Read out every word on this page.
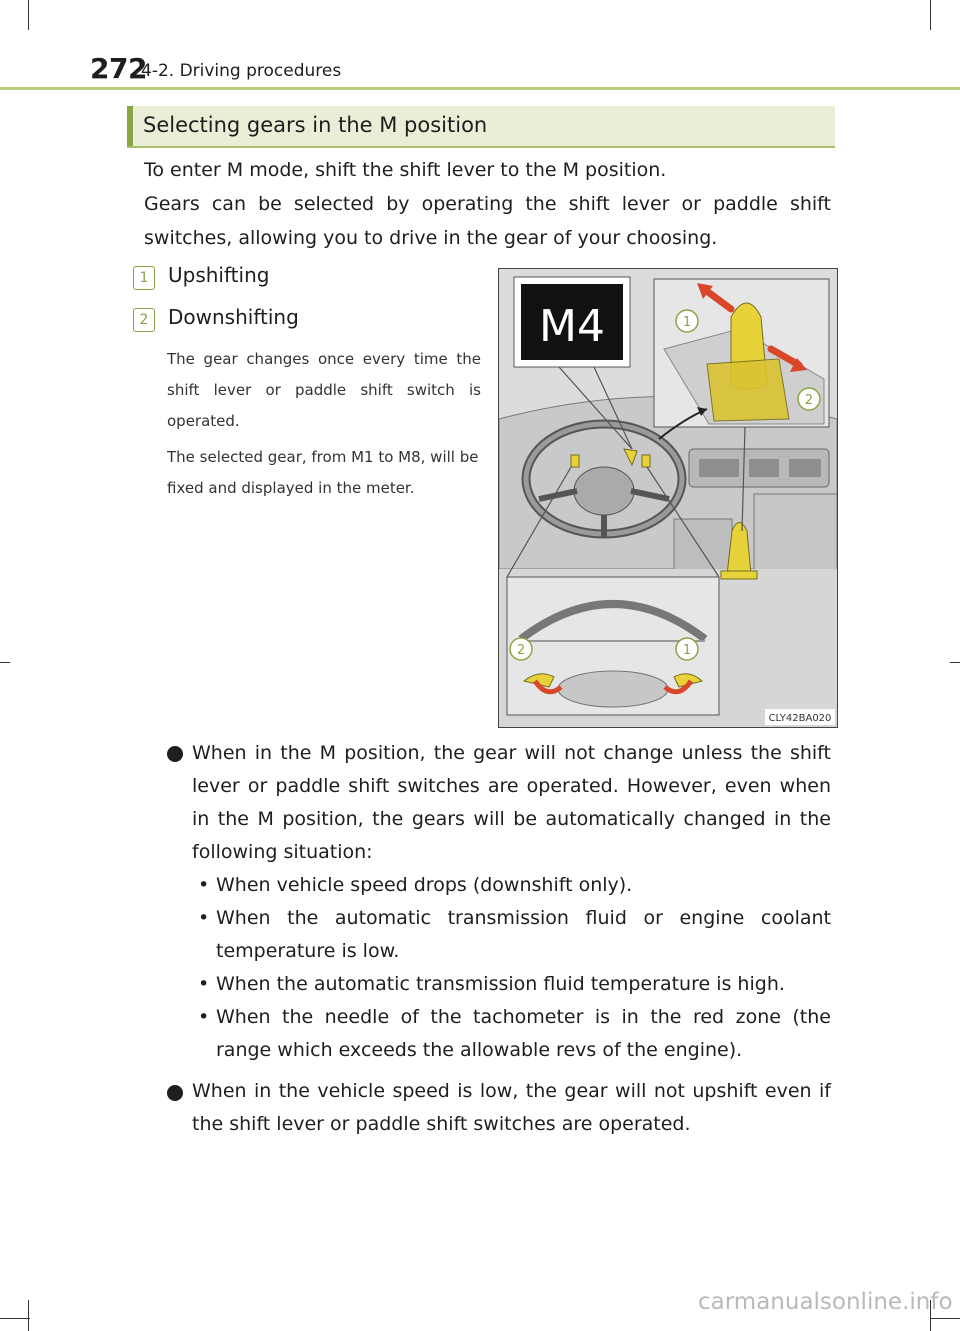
272
4-2. Driving procedures
Selecting gears in the M position
To enter M mode, shift the shift lever to the M position.
Gears can be selected by operating the shift lever or paddle shift switches, allowing you to drive in the gear of your choosing.
1 Upshifting
2 Downshifting
The gear changes once every time the shift lever or paddle shift switch is operated.
The selected gear, from M1 to M8, will be fixed and displayed in the meter.
M4	1
2
2	1
CLY42BA020
When in the M position, the gear will not change unless the shift lever or paddle shift switches are operated. However, even when in the M position, the gears will be automatically changed in the following situation:
• When vehicle speed drops (downshift only).
• When the automatic transmission fluid or engine coolant temperature is low.
• When the automatic transmission fluid temperature is high.
• When the needle of the tachometer is in the red zone (the range which exceeds the allowable revs of the engine).
When in the vehicle speed is low, the gear will not upshift even if the shift lever or paddle shift switches are operated.
carmanualsonline.info
